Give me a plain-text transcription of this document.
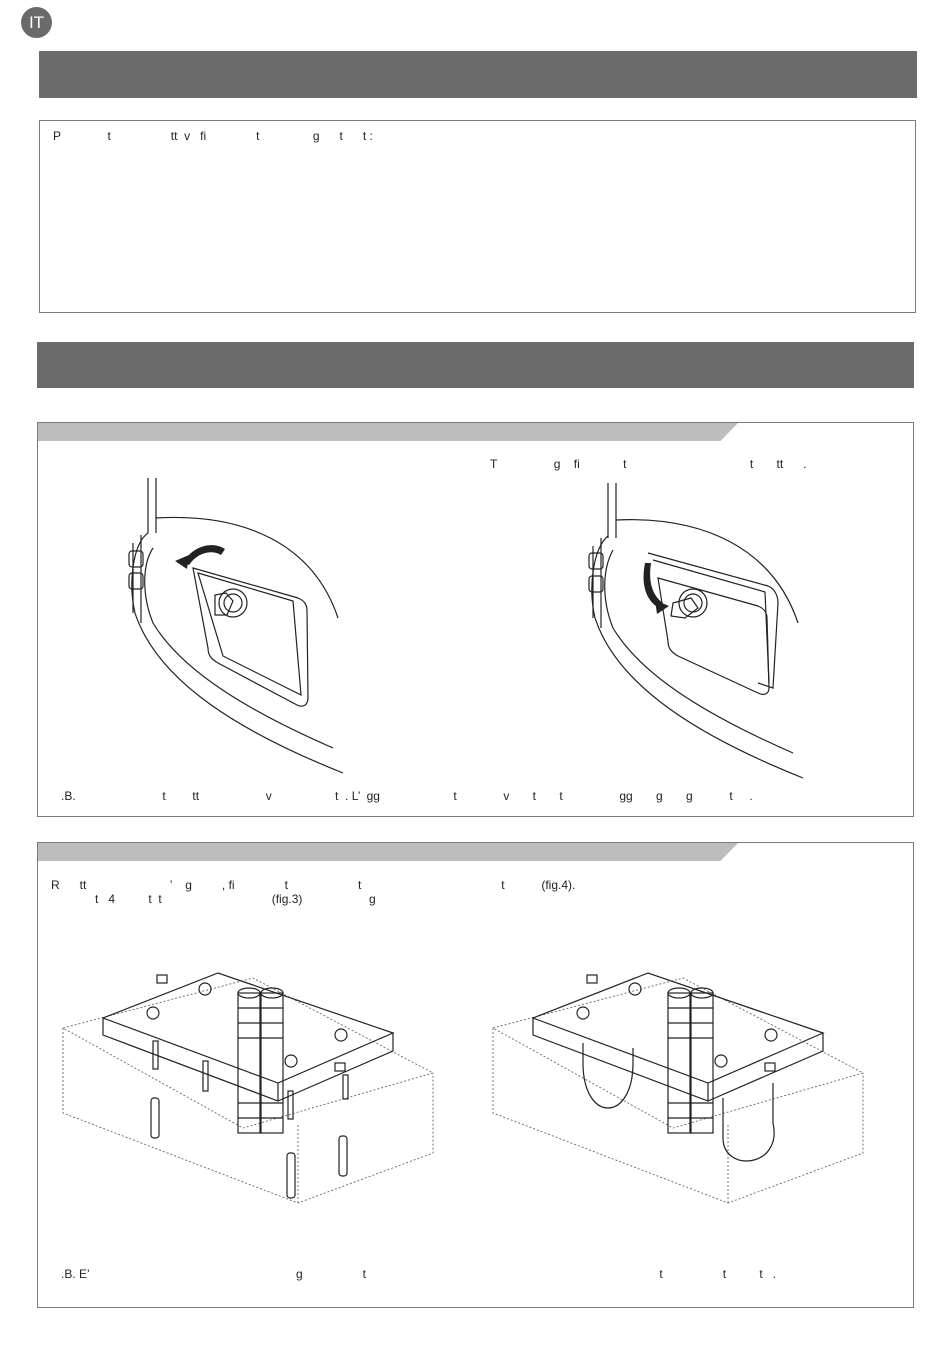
IT
P              t                  tt  v   fi               t                g      t      t :
T                 g    fi             t                                     t       tt      .
.B.                          t        tt                    v                   t  . L’  gg                      t              v       t       t                 gg       g       g           t     .
R      tt                         ’    g         , fi               t                     t                                          t           (fig.4).
t   4          t  t                                 (fig.3)                    g
.B. E’                                                              g                  t                                                                                        t                  t          t   .
